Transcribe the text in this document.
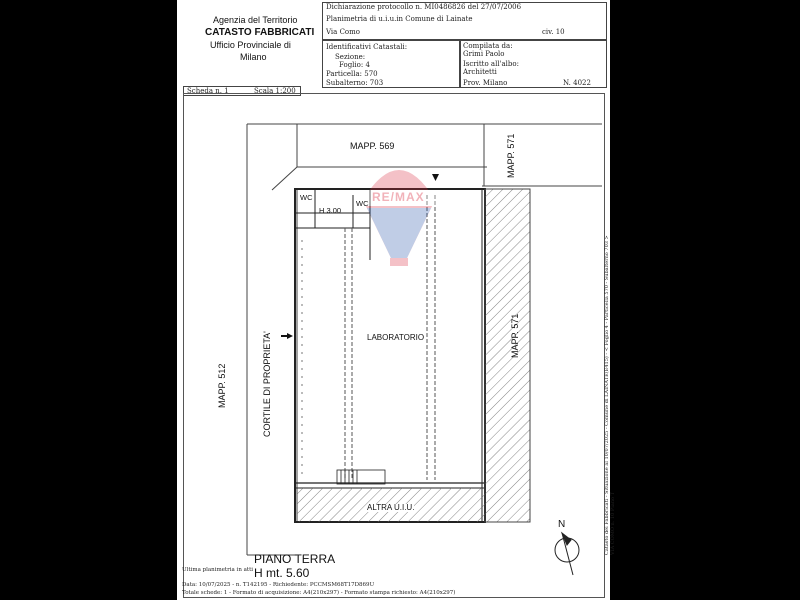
Agenzia del Territorio
CATASTO FABBRICATI
Ufficio Provinciale di
Milano
Dichiarazione protocollo n. MI0486826 del 27/07/2006
Planimetria di u.i.u.in Comune di Lainate
Via Como	civ. 10
Identificativi Catastali:
Sezione:
Foglio: 4
Particella: 570
Subalterno: 703
Compilata da:
Grimi Paolo
Iscritto all'albo:
Architetti
Prov. Milano	N. 4022
Scheda n. 1	Scala 1:200
RE/MAX
MAPP. 569	MAPP. 571
MAPP. 571
MAPP. 512	CORTILE DI PROPRIETA'	LABORATORIO
WC
WC
H 3.00
ALTRA U.I.U.
N
PIANO TERRA
H mt. 5.60
Ultima planimetria in atti
Data: 10/07/2025 - n. T142195 - Richiedente: PCCMSM68T17D869U
Totale schede: 1 - Formato di acquisizione: A4(210x297) - Formato stampa richiesto: A4(210x297)
Catasto dei Fabbricati - Situazione al 10/07/2025 - Comune di LAINATE(E415) - < Foglio 4 - Particella 570 - Subalterno 703 > VIA COMO n. 10 Piano T
